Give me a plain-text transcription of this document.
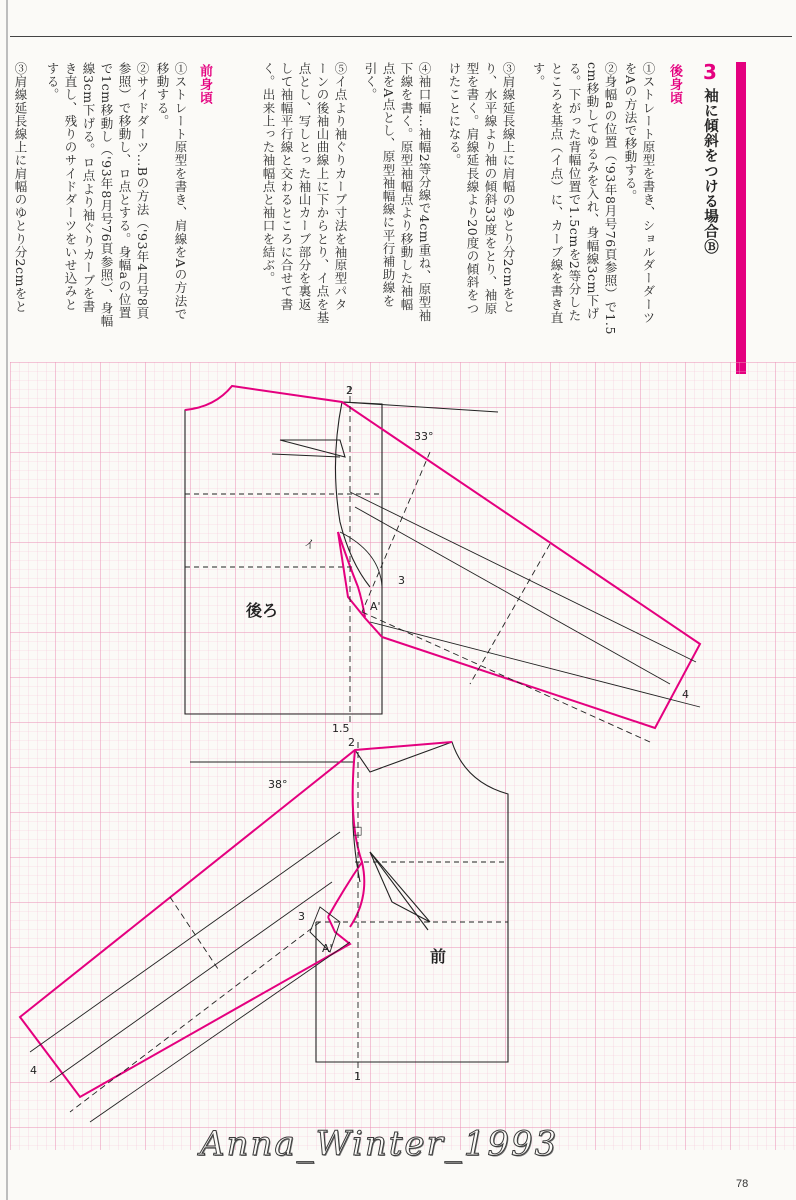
3
袖に傾斜をつける場合Ⓑ
後身頃
①ストレート原型を書き、ショルダーダーツ
をAの方法で移動する。
②身幅aの位置（'93年8月号76頁参照）で1.5
cm移動してゆるみを入れ、身幅線3cm下げ
る。下がった背幅位置で1.5cmを2等分した
ところを基点（イ点）に、カーブ線を書き直
す。
③肩線延長線上に肩幅のゆとり分2cmをと
り、水平線より袖の傾斜33度をとり、袖原
型を書く。肩線延長線より20度の傾斜をつ
けたことになる。
④袖口幅…袖幅2等分線で4cm重ね、原型袖
下線を書く。原型袖幅点より移動した袖幅
点をA点とし、原型袖幅線に平行補助線を
引く。
⑤イ点より袖ぐりカーブ寸法を袖原型パタ
ーンの後袖山曲線上に下からとり、イ点を基
点とし、写しとった袖山カーブ部分を裏返
して袖幅平行線と交わるところに合せて書
く。出来上った袖幅点と袖口を結ぶ。
前身頃
①ストレート原型を書き、肩線をAの方法で
移動する。
②サイドダーツ…Bの方法（'93年4月号8頁
参照）で移動し、ロ点とする。身幅aの位置
で1cm移動し（'93年8月号76頁参照）、身幅
線3cm下げる。ロ点より袖ぐりカーブを書
き直し、残りのサイドダーツをいせ込みと
する。
③肩線延長線上に肩幅のゆとり分2cmをと
後ろ
前
33°
38°
2
2
3
3
4
4
1.5
1
A'
A'
イ
□
Anna_Winter_1993
78
